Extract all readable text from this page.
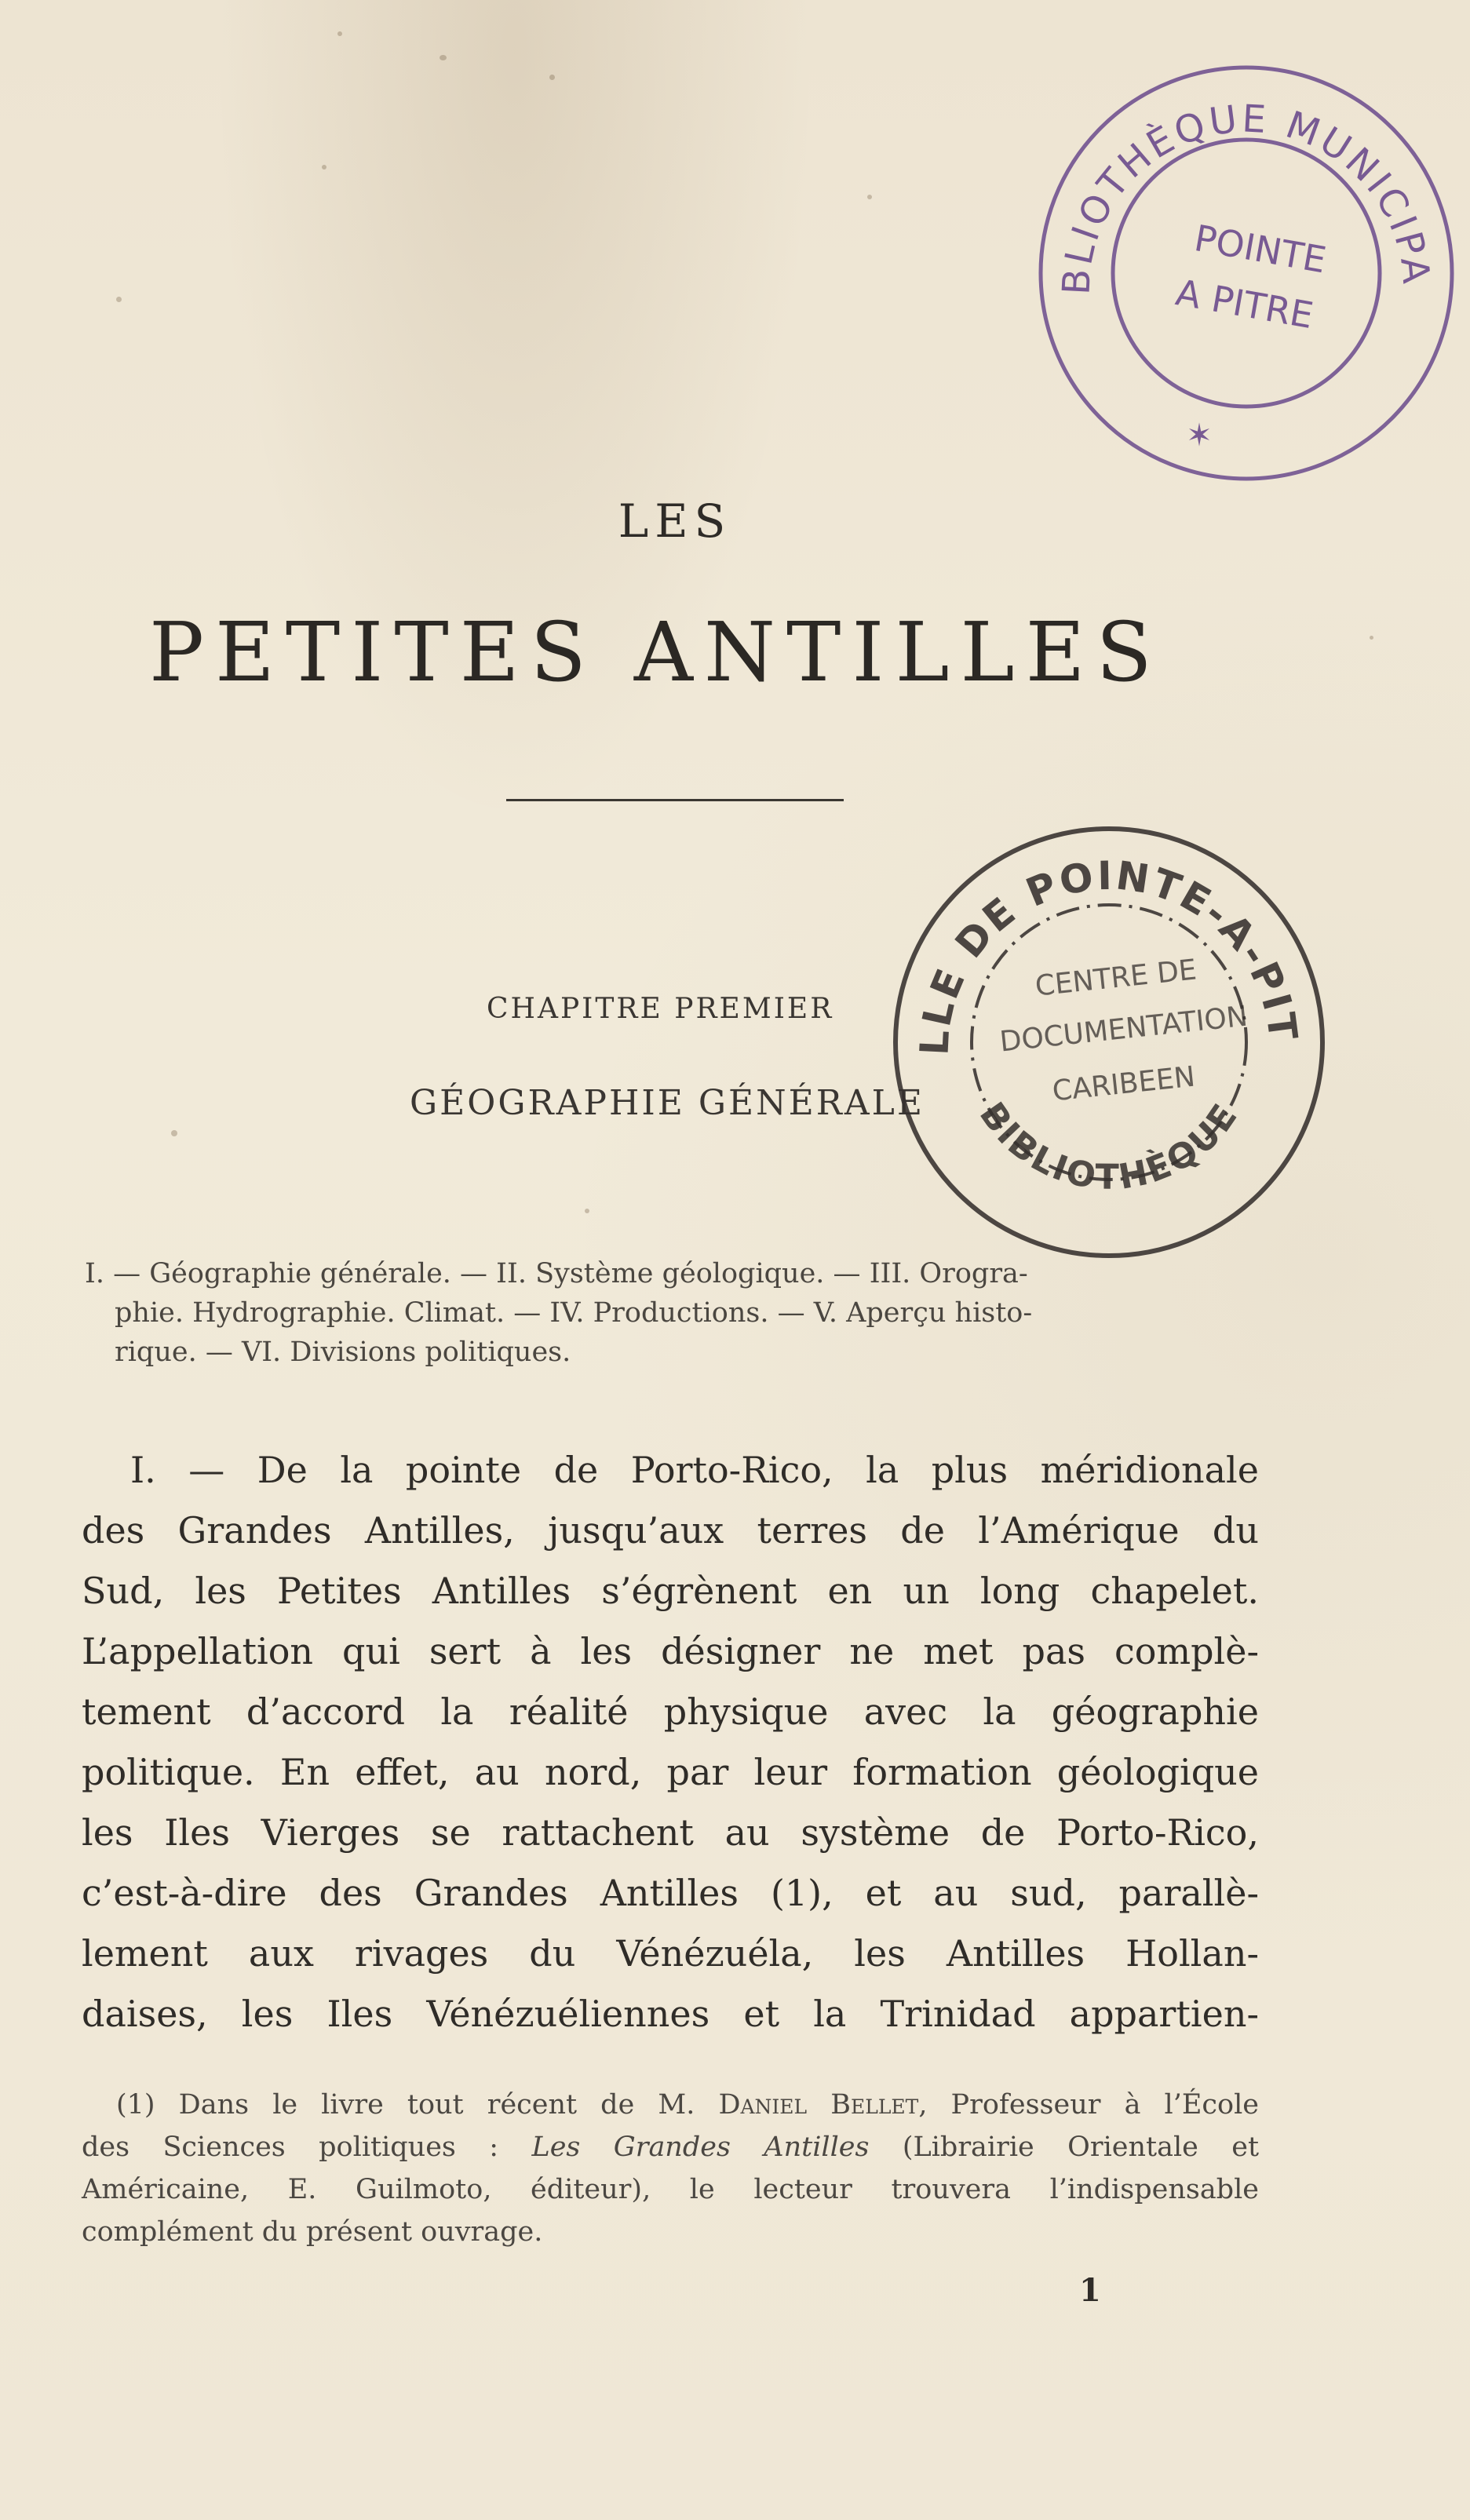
BLIOTHÈQUE MUNICIPA
POINTE
A PITRE
✶
LES
PETITES ANTILLES
CHAPITRE PREMIER
GÉOGRAPHIE GÉNÉRALE
I. — Géographie générale. — II. Système géologique. — III. Orogra-
phie. Hydrographie. Climat. — IV. Productions. — V. Aperçu histo-
rique. — VI. Divisions politiques.
I. — De la pointe de Porto-Rico, la plus méridionale
des Grandes Antilles, jusqu’aux terres de l’Amérique du
Sud, les Petites Antilles s’égrènent en un long chapelet.
L’appellation qui sert à les désigner ne met pas complè-
tement d’accord la réalité physique avec la géographie
politique. En effet, au nord, par leur formation géologique
les Iles Vierges se rattachent au système de Porto-Rico,
c’est-à-dire des Grandes Antilles (1), et au sud, parallè-
lement aux rivages du Vénézuéla, les Antilles Hollan-
daises, les Iles Vénézuéliennes et la Trinidad appartien-
(1) Dans le livre tout récent de M. Daniel Bellet, Professeur à l’École
des Sciences politiques : Les Grandes Antilles (Librairie Orientale et
Américaine, E. Guilmoto, éditeur), le lecteur trouvera l’indispensable
complément du présent ouvrage.
1
LLE DE POINTE-A-PIT
BIBLIOTHÈQUE
CENTRE DE
DOCUMENTATION
CARIBEEN
